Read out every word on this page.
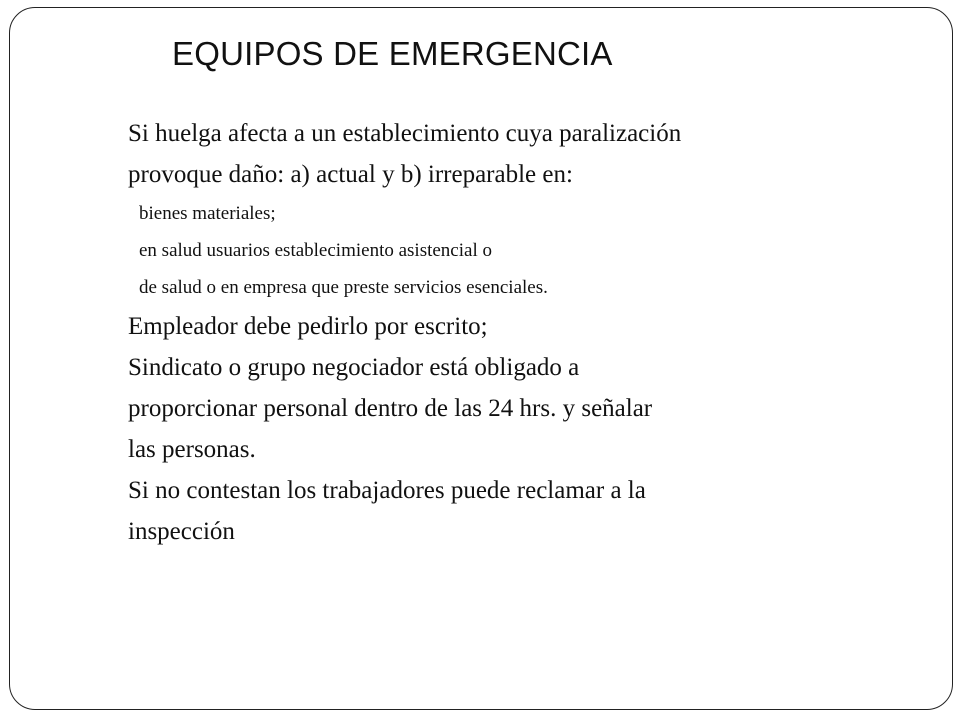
EQUIPOS DE EMERGENCIA
Si huelga afecta a un establecimiento cuya paralización
provoque daño: a) actual y b) irreparable en:
bienes materiales;
en salud usuarios establecimiento asistencial o
de salud o en empresa que preste servicios esenciales.
Empleador debe pedirlo por escrito;
Sindicato o grupo negociador está obligado a
proporcionar personal dentro de las 24 hrs. y señalar
las personas.
Si no contestan los trabajadores puede reclamar a la
inspección
